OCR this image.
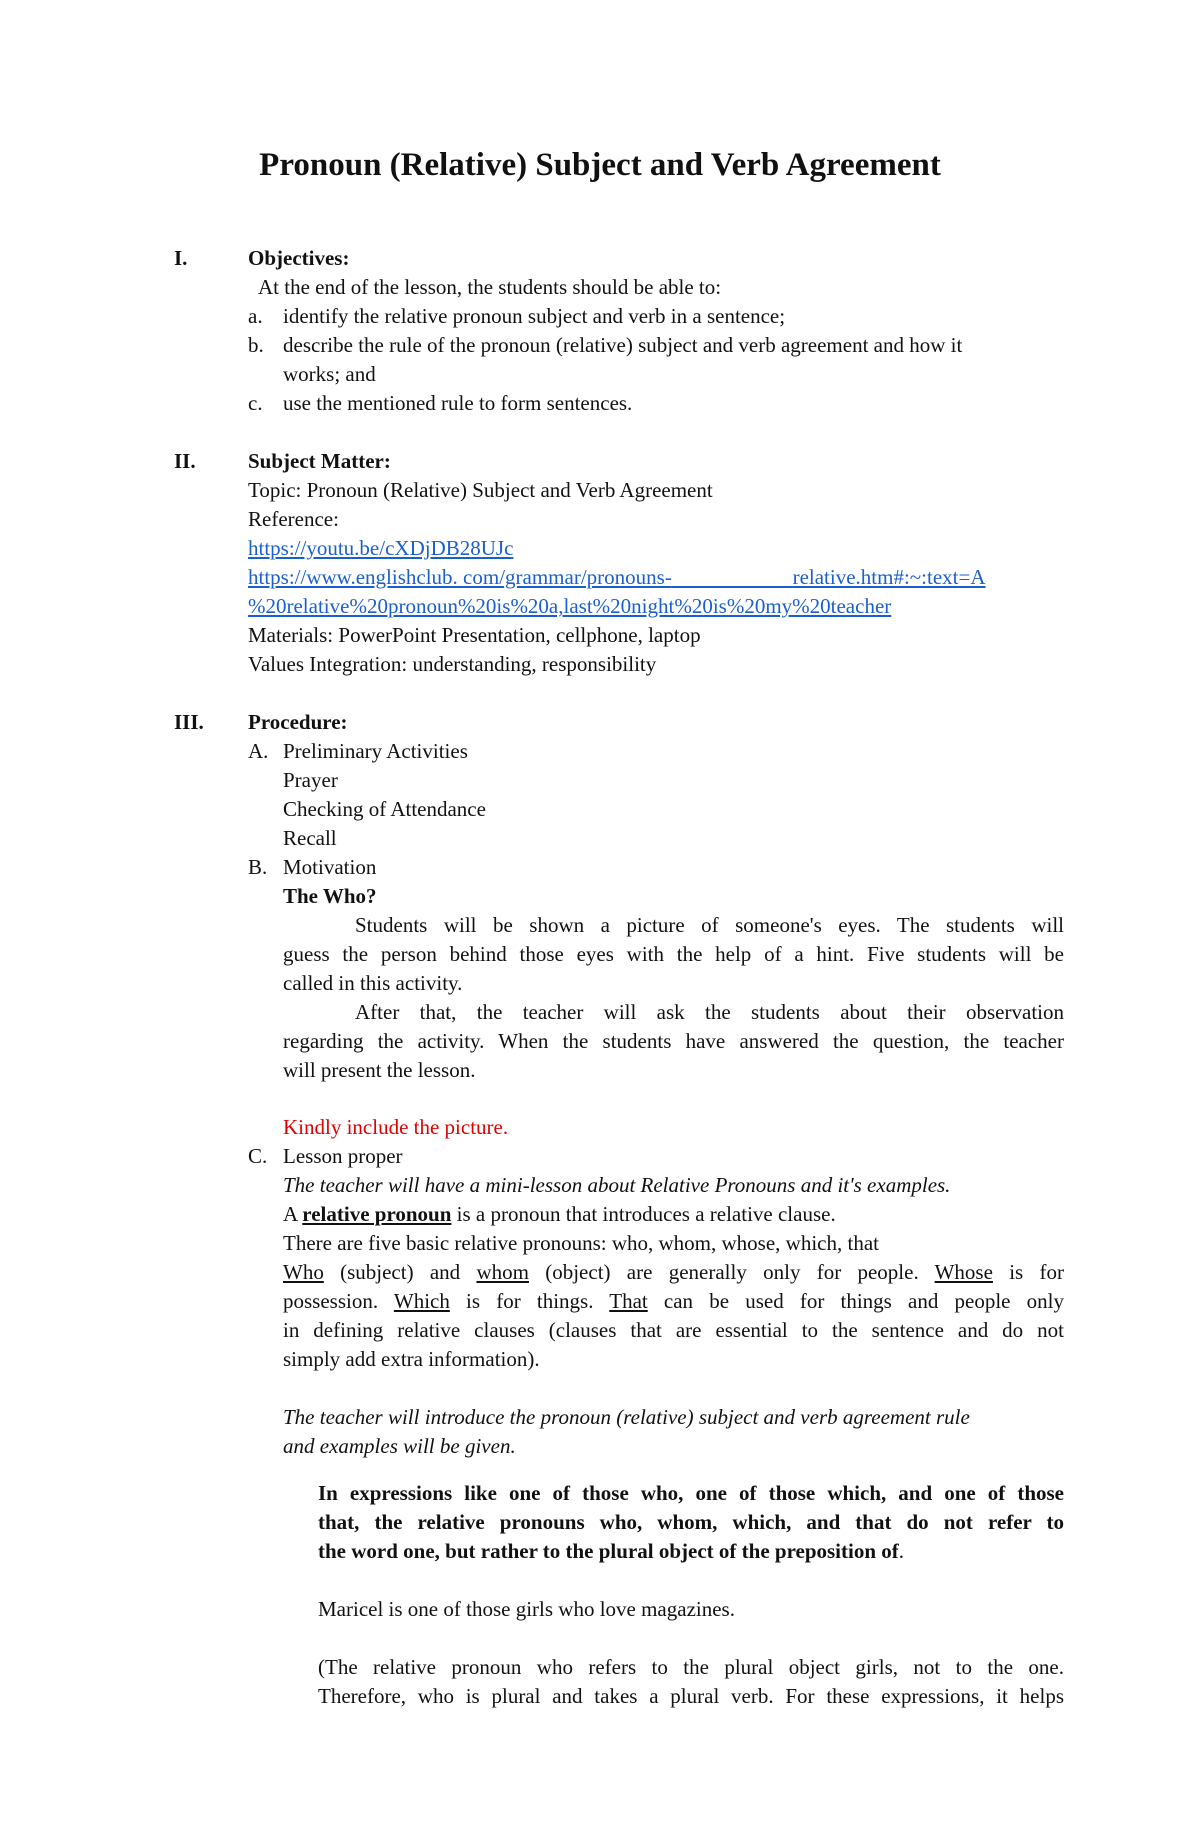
Pronoun (Relative) Subject and Verb Agreement
I.	Objectives:
At the end of the lesson, the students should be able to:
a. identify the relative pronoun subject and verb in a sentence;
b. describe the rule of the pronoun (relative) subject and verb agreement and how it
works; and
c. use the mentioned rule to form sentences.
II. Subject Matter:
Topic: Pronoun (Relative) Subject and Verb Agreement
Reference:
https://youtu.be/cXDjDB28UJc
https://www.englishclub. com/grammar/pronouns-	relative.htm#:~:text=A
%20relative%20pronoun%20is%20a,last%20night%20is%20my%20teacher
Materials: PowerPoint Presentation, cellphone, laptop
Values Integration: understanding, responsibility
III. Procedure:
A. Preliminary Activities
Prayer
Checking of Attendance
Recall
B. Motivation
The Who?
Students will be shown a picture of someone's eyes. The students will
guess the person behind those eyes with the help of a hint. Five students will be
called in this activity.
After that, the teacher will ask the students about their observation
regarding the activity. When the students have answered the question, the teacher
will present the lesson.
Kindly include the picture.
C. Lesson proper
The teacher will have a mini-lesson about Relative Pronouns and it's examples.
A relative pronoun is a pronoun that introduces a relative clause.
There are five basic relative pronouns: who, whom, whose, which, that
Who (subject) and whom (object) are generally only for people. Whose is for
possession. Which is for things. That can be used for things and people only
in defining relative clauses (clauses that are essential to the sentence and do not
simply add extra information).
The teacher will introduce the pronoun (relative) subject and verb agreement rule
and examples will be given.
In expressions like one of those who, one of those which, and one of those
that, the relative pronouns who, whom, which, and that do not refer to
the word one, but rather to the plural object of the preposition of.
Maricel is one of those girls who love magazines.
(The relative pronoun who refers to the plural object girls, not to the one.
Therefore, who is plural and takes a plural verb. For these expressions, it helps
